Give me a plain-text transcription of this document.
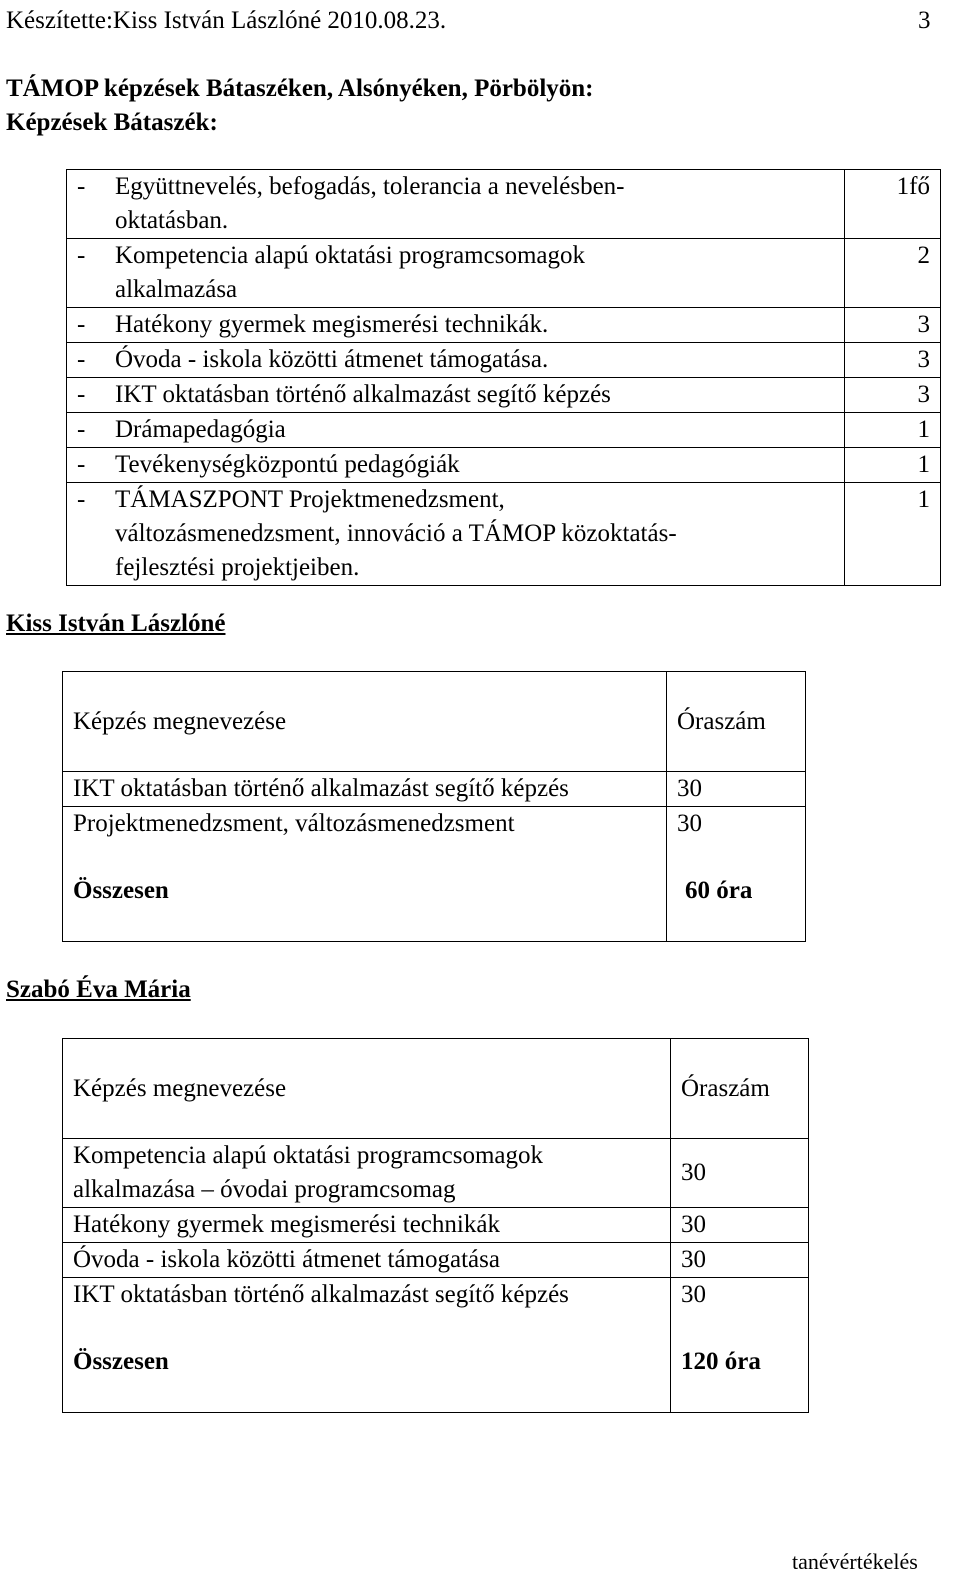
Készítette:Kiss István Lászlóné 2010.08.23.	3
TÁMOP képzések Bátaszéken, Alsónyéken, Pörbölyön:
Képzések Bátaszék:
- Együttnevelés, befogadás, tolerancia a nevelésben-
oktatásban.	1fő

- Kompetencia alapú oktatási programcsomagok
alkalmazása	2

- Hatékony gyermek megismerési technikák.	3

- Óvoda - iskola közötti átmenet támogatása.	3

- IKT oktatásban történő alkalmazást segítő képzés	3

- Drámapedagógia	1

- Tevékenységközpontú pedagógiák	1

- TÁMASZPONT Projektmenedzsment,
változásmenedzsment, innováció a TÁMOP közoktatás-
fejlesztési projektjeiben.	1
Kiss István Lászlóné
Képzés megnevezése	Óraszám

IKT oktatásban történő alkalmazást segítő képzés	30

Projektmenedzsment, változásmenedzsment	30
Összesen	60 óra
Szabó Éva Mária
Képzés megnevezése	Óraszám

Kompetencia alapú oktatási programcsomagok
alkalmazása – óvodai programcsomag	30

Hatékony gyermek megismerési technikák	30

Óvoda - iskola közötti átmenet támogatása	30

IKT oktatásban történő alkalmazást segítő képzés	30
Összesen	120 óra
tanévértékelés
